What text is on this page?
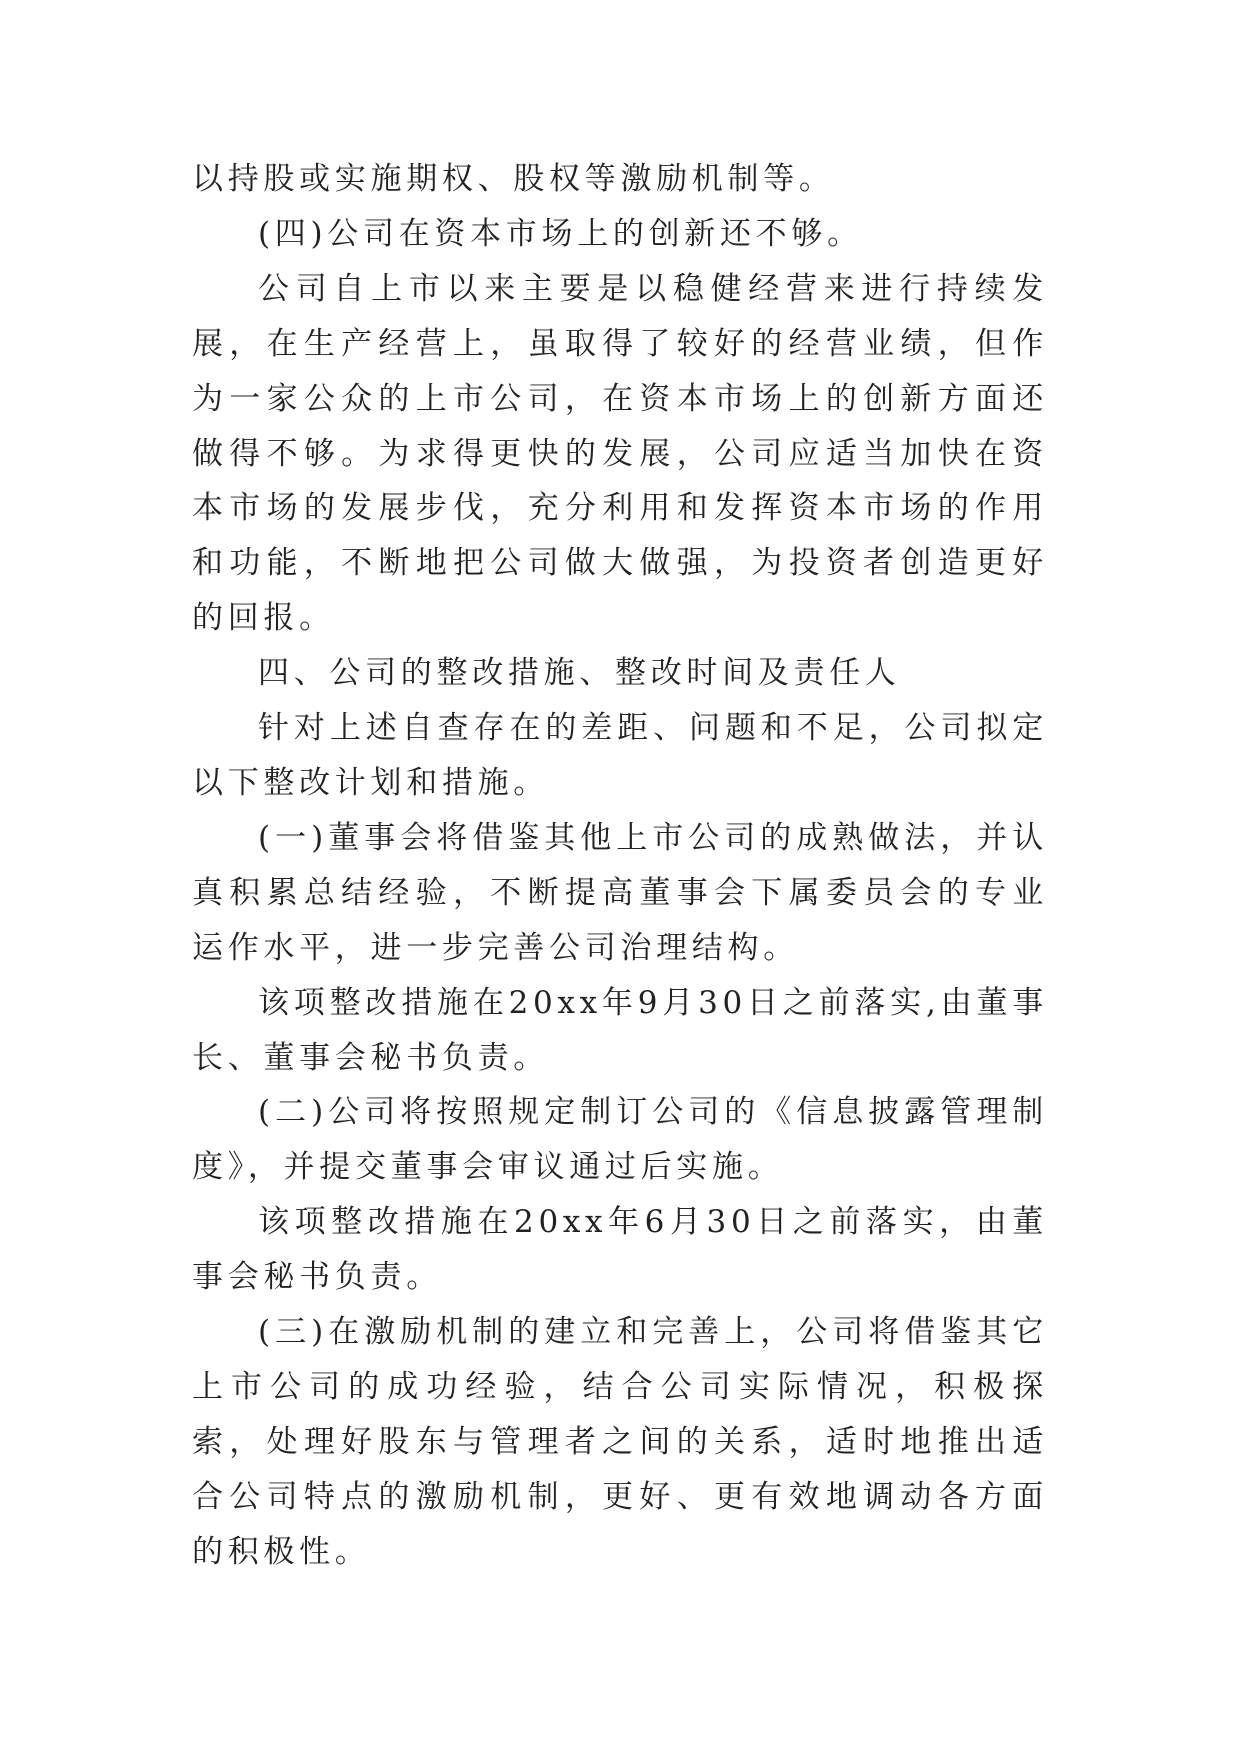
以持股或实施期权、股权等激励机制等。

(四)公司在资本市场上的创新还不够。

公司自上市以来主要是以稳健经营来进行持续发展，在生产经营上，虽取得了较好的经营业绩，但作为一家公众的上市公司，在资本市场上的创新方面还做得不够。为求得更快的发展，公司应适当加快在资本市场的发展步伐，充分利用和发挥资本市场的作用和功能，不断地把公司做大做强，为投资者创造更好的回报。

四、公司的整改措施、整改时间及责任人

针对上述自查存在的差距、问题和不足，公司拟定以下整改计划和措施。

(一)董事会将借鉴其他上市公司的成熟做法，并认真积累总结经验，不断提高董事会下属委员会的专业运作水平，进一步完善公司治理结构。

该项整改措施在20xx年9月30日之前落实,由董事长、董事会秘书负责。

(二)公司将按照规定制订公司的《信息披露管理制度》，并提交董事会审议通过后实施。

该项整改措施在20xx年6月30日之前落实，由董事会秘书负责。

(三)在激励机制的建立和完善上，公司将借鉴其它上市公司的成功经验，结合公司实际情况，积极探索，处理好股东与管理者之间的关系，适时地推出适合公司特点的激励机制，更好、更有效地调动各方面的积极性。
